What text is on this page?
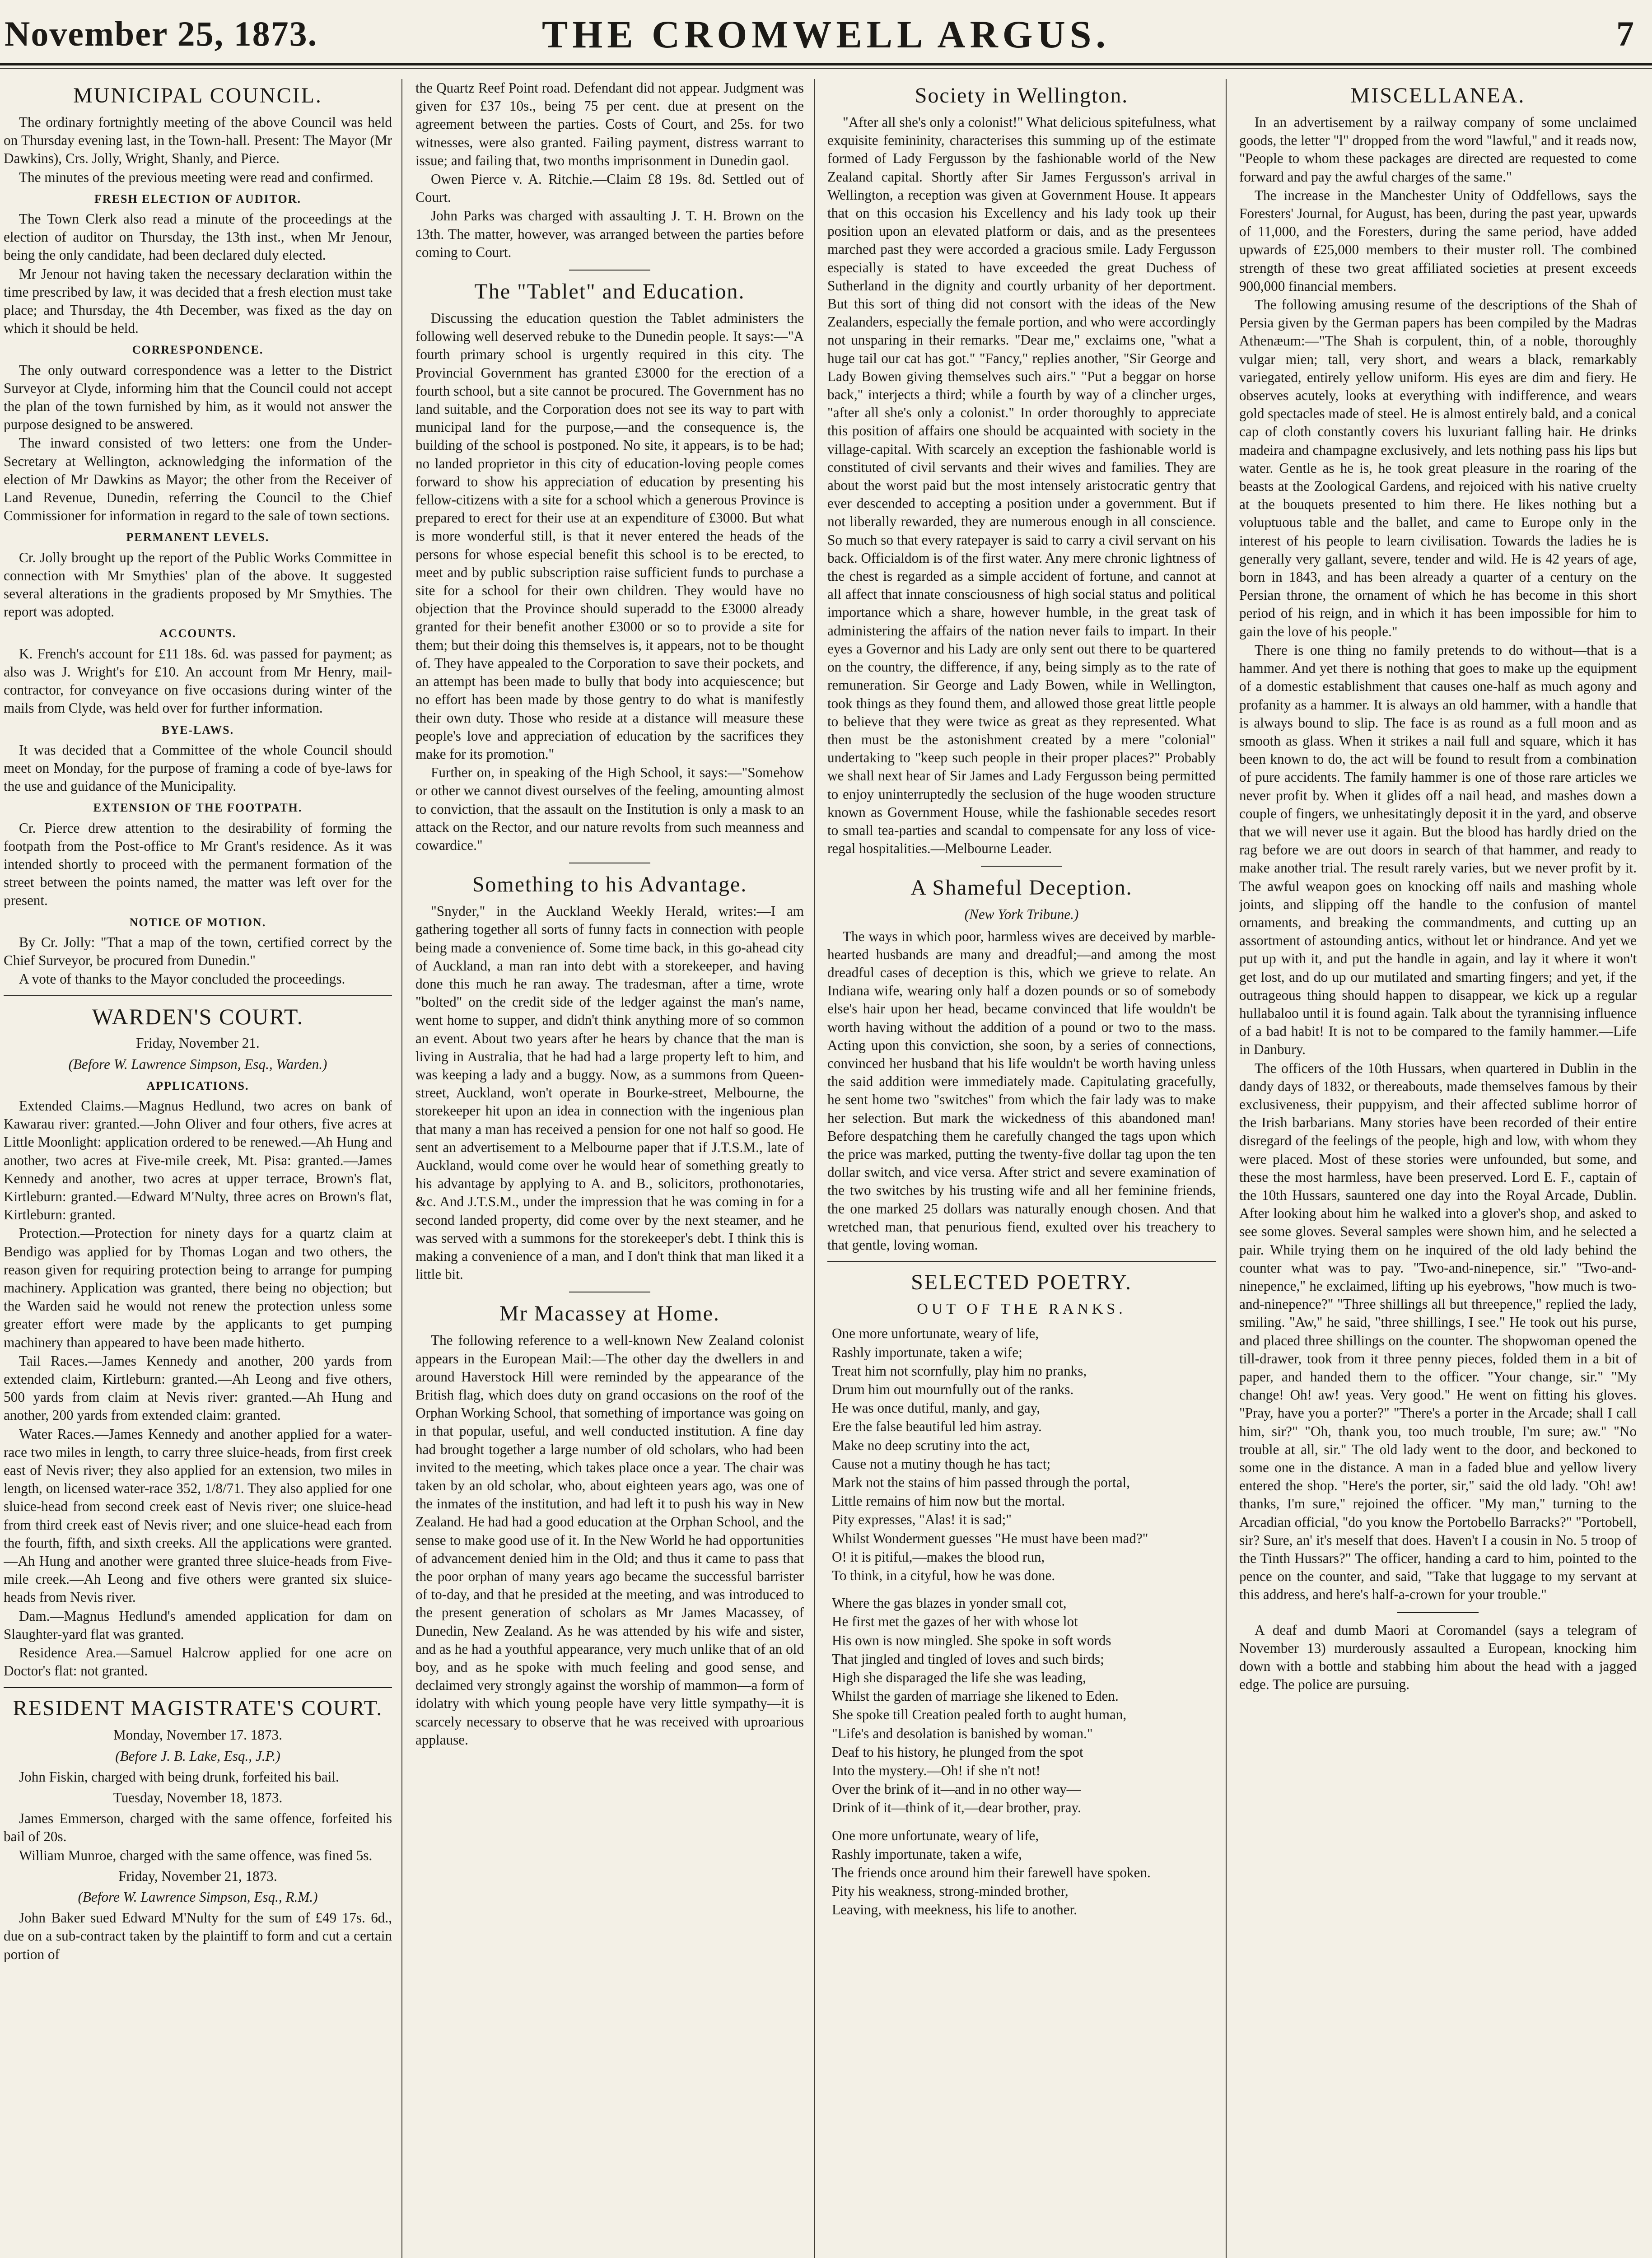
November 25, 1873.	THE CROMWELL ARGUS.	7
MUNICIPAL COUNCIL.

The ordinary fortnightly meeting of the above Council was held on Thursday evening last, in the Town-hall. Present: The Mayor (Mr Dawkins), Crs. Jolly, Wright, Shanly, and Pierce.

The minutes of the previous meeting were read and confirmed.

FRESH ELECTION OF AUDITOR.

The Town Clerk also read a minute of the proceedings at the election of auditor on Thursday, the 13th inst., when Mr Jenour, being the only candidate, had been declared duly elected.

Mr Jenour not having taken the necessary declaration within the time prescribed by law, it was decided that a fresh election must take place; and Thursday, the 4th December, was fixed as the day on which it should be held.

CORRESPONDENCE.

The only outward correspondence was a letter to the District Surveyor at Clyde, informing him that the Council could not accept the plan of the town furnished by him, as it would not answer the purpose designed to be answered.

The inward consisted of two letters: one from the Under-Secretary at Wellington, acknowledging the information of the election of Mr Dawkins as Mayor; the other from the Receiver of Land Revenue, Dunedin, referring the Council to the Chief Commissioner for information in regard to the sale of town sections.

PERMANENT LEVELS.

Cr. Jolly brought up the report of the Public Works Committee in connection with Mr Smythies' plan of the above. It suggested several alterations in the gradients proposed by Mr Smythies. The report was adopted.

ACCOUNTS.

K. French's account for £11 18s. 6d. was passed for payment; as also was J. Wright's for £10. An account from Mr Henry, mail-contractor, for conveyance on five occasions during winter of the mails from Clyde, was held over for further information.

BYE-LAWS.

It was decided that a Committee of the whole Council should meet on Monday, for the purpose of framing a code of bye-laws for the use and guidance of the Municipality.

EXTENSION OF THE FOOTPATH.

Cr. Pierce drew attention to the desirability of forming the footpath from the Post-office to Mr Grant's residence. As it was intended shortly to proceed with the permanent formation of the street between the points named, the matter was left over for the present.

NOTICE OF MOTION.

By Cr. Jolly: "That a map of the town, certified correct by the Chief Surveyor, be procured from Dunedin."

A vote of thanks to the Mayor concluded the proceedings.

WARDEN'S COURT.
Friday, November 21.
(Before W. Lawrence Simpson, Esq., Warden.)
APPLICATIONS.

Extended Claims.—Magnus Hedlund, two acres on bank of Kawarau river: granted.—John Oliver and four others, five acres at Little Moonlight: application ordered to be renewed.—Ah Hung and another, two acres at Five-mile creek, Mt. Pisa: granted.—James Kennedy and another, two acres at upper terrace, Brown's flat, Kirtleburn: granted.—Edward M'Nulty, three acres on Brown's flat, Kirtleburn: granted.

Protection.—Protection for ninety days for a quartz claim at Bendigo was applied for by Thomas Logan and two others, the reason given for requiring protection being to arrange for pumping machinery. Application was granted, there being no objection; but the Warden said he would not renew the protection unless some greater effort were made by the applicants to get pumping machinery than appeared to have been made hitherto.

Tail Races.—James Kennedy and another, 200 yards from extended claim, Kirtleburn: granted.—Ah Leong and five others, 500 yards from claim at Nevis river: granted.—Ah Hung and another, 200 yards from extended claim: granted.

Water Races.—James Kennedy and another applied for a water-race two miles in length, to carry three sluice-heads, from first creek east of Nevis river; they also applied for an extension, two miles in length, on licensed water-race 352, 1/8/71. They also applied for one sluice-head from second creek east of Nevis river; one sluice-head from third creek east of Nevis river; and one sluice-head each from the fourth, fifth, and sixth creeks. All the applications were granted.—Ah Hung and another were granted three sluice-heads from Five-mile creek.—Ah Leong and five others were granted six sluice-heads from Nevis river.

Dam.—Magnus Hedlund's amended application for dam on Slaughter-yard flat was granted.

Residence Area.—Samuel Halcrow applied for one acre on Doctor's flat: not granted.

RESIDENT MAGISTRATE'S COURT.
Monday, November 17. 1873.
(Before J. B. Lake, Esq., J.P.)

John Fiskin, charged with being drunk, forfeited his bail.

Tuesday, November 18, 1873.

James Emmerson, charged with the same offence, forfeited his bail of 20s.

William Munroe, charged with the same offence, was fined 5s.

Friday, November 21, 1873.
(Before W. Lawrence Simpson, Esq., R.M.)

John Baker sued Edward M'Nulty for the sum of £49 17s. 6d., due on a sub-contract taken by the plaintiff to form and cut a certain portion of

the Quartz Reef Point road. Defendant did not appear. Judgment was given for £37 10s., being 75 per cent. due at present on the agreement between the parties. Costs of Court, and 25s. for two witnesses, were also granted. Failing payment, distress warrant to issue; and failing that, two months imprisonment in Dunedin gaol.

Owen Pierce v. A. Ritchie.—Claim £8 19s. 8d. Settled out of Court.

John Parks was charged with assaulting J. T. H. Brown on the 13th. The matter, however, was arranged between the parties before coming to Court.

The "Tablet" and Education.

Discussing the education question the Tablet administers the following well deserved rebuke to the Dunedin people. It says:—"A fourth primary school is urgently required in this city. The Provincial Government has granted £3000 for the erection of a fourth school, but a site cannot be procured. The Government has no land suitable, and the Corporation does not see its way to part with municipal land for the purpose,—and the consequence is, the building of the school is postponed. No site, it appears, is to be had; no landed proprietor in this city of education-loving people comes forward to show his appreciation of education by presenting his fellow-citizens with a site for a school which a generous Province is prepared to erect for their use at an expenditure of £3000. But what is more wonderful still, is that it never entered the heads of the persons for whose especial benefit this school is to be erected, to meet and by public subscription raise sufficient funds to purchase a site for a school for their own children. They would have no objection that the Province should superadd to the £3000 already granted for their benefit another £3000 or so to provide a site for them; but their doing this themselves is, it appears, not to be thought of. They have appealed to the Corporation to save their pockets, and an attempt has been made to bully that body into acquiescence; but no effort has been made by those gentry to do what is manifestly their own duty. Those who reside at a distance will measure these people's love and appreciation of education by the sacrifices they make for its promotion."

Further on, in speaking of the High School, it says:—"Somehow or other we cannot divest ourselves of the feeling, amounting almost to conviction, that the assault on the Institution is only a mask to an attack on the Rector, and our nature revolts from such meanness and cowardice."

Something to his Advantage.

"Snyder," in the Auckland Weekly Herald, writes:—I am gathering together all sorts of funny facts in connection with people being made a convenience of. Some time back, in this go-ahead city of Auckland, a man ran into debt with a storekeeper, and having done this much he ran away. The tradesman, after a time, wrote "bolted" on the credit side of the ledger against the man's name, went home to supper, and didn't think anything more of so common an event. About two years after he hears by chance that the man is living in Australia, that he had had a large property left to him, and was keeping a lady and a buggy. Now, as a summons from Queen-street, Auckland, won't operate in Bourke-street, Melbourne, the storekeeper hit upon an idea in connection with the ingenious plan that many a man has received a pension for one not half so good. He sent an advertisement to a Melbourne paper that if J.T.S.M., late of Auckland, would come over he would hear of something greatly to his advantage by applying to A. and B., solicitors, prothonotaries, &c. And J.T.S.M., under the impression that he was coming in for a second landed property, did come over by the next steamer, and he was served with a summons for the storekeeper's debt. I think this is making a convenience of a man, and I don't think that man liked it a little bit.

Mr Macassey at Home.

The following reference to a well-known New Zealand colonist appears in the European Mail:—The other day the dwellers in and around Haverstock Hill were reminded by the appearance of the British flag, which does duty on grand occasions on the roof of the Orphan Working School, that something of importance was going on in that popular, useful, and well conducted institution. A fine day had brought together a large number of old scholars, who had been invited to the meeting, which takes place once a year. The chair was taken by an old scholar, who, about eighteen years ago, was one of the inmates of the institution, and had left it to push his way in New Zealand. He had had a good education at the Orphan School, and the sense to make good use of it. In the New World he had opportunities of advancement denied him in the Old; and thus it came to pass that the poor orphan of many years ago became the successful barrister of to-day, and that he presided at the meeting, and was introduced to the present generation of scholars as Mr James Macassey, of Dunedin, New Zealand. As he was attended by his wife and sister, and as he had a youthful appearance, very much unlike that of an old boy, and as he spoke with much feeling and good sense, and declaimed very strongly against the worship of mammon—a form of idolatry with which young people have very little sympathy—it is scarcely necessary to observe that he was received with uproarious applause.

Society in Wellington.

"After all she's only a colonist!" What delicious spitefulness, what exquisite femininity, characterises this summing up of the estimate formed of Lady Fergusson by the fashionable world of the New Zealand capital. Shortly after Sir James Fergusson's arrival in Wellington, a reception was given at Government House. It appears that on this occasion his Excellency and his lady took up their position upon an elevated platform or dais, and as the presentees marched past they were accorded a gracious smile. Lady Fergusson especially is stated to have exceeded the great Duchess of Sutherland in the dignity and courtly urbanity of her deportment. But this sort of thing did not consort with the ideas of the New Zealanders, especially the female portion, and who were accordingly not unsparing in their remarks. "Dear me," exclaims one, "what a huge tail our cat has got." "Fancy," replies another, "Sir George and Lady Bowen giving themselves such airs." "Put a beggar on horse back," interjects a third; while a fourth by way of a clincher urges, "after all she's only a colonist." In order thoroughly to appreciate this position of affairs one should be acquainted with society in the village-capital. With scarcely an exception the fashionable world is constituted of civil servants and their wives and families. They are about the worst paid but the most intensely aristocratic gentry that ever descended to accepting a position under a government. But if not liberally rewarded, they are numerous enough in all conscience. So much so that every ratepayer is said to carry a civil servant on his back. Officialdom is of the first water. Any mere chronic lightness of the chest is regarded as a simple accident of fortune, and cannot at all affect that innate consciousness of high social status and political importance which a share, however humble, in the great task of administering the affairs of the nation never fails to impart. In their eyes a Governor and his Lady are only sent out there to be quartered on the country, the difference, if any, being simply as to the rate of remuneration. Sir George and Lady Bowen, while in Wellington, took things as they found them, and allowed those great little people to believe that they were twice as great as they represented. What then must be the astonishment created by a mere "colonial" undertaking to "keep such people in their proper places?" Probably we shall next hear of Sir James and Lady Fergusson being permitted to enjoy uninterruptedly the seclusion of the huge wooden structure known as Government House, while the fashionable secedes resort to small tea-parties and scandal to compensate for any loss of vice-regal hospitalities.—Melbourne Leader.

A Shameful Deception.
(New York Tribune.)

The ways in which poor, harmless wives are deceived by marble-hearted husbands are many and dreadful;—and among the most dreadful cases of deception is this, which we grieve to relate. An Indiana wife, wearing only half a dozen pounds or so of somebody else's hair upon her head, became convinced that life wouldn't be worth having without the addition of a pound or two to the mass. Acting upon this conviction, she soon, by a series of connections, convinced her husband that his life wouldn't be worth having unless the said addition were immediately made. Capitulating gracefully, he sent home two "switches" from which the fair lady was to make her selection. But mark the wickedness of this abandoned man! Before despatching them he carefully changed the tags upon which the price was marked, putting the twenty-five dollar tag upon the ten dollar switch, and vice versa. After strict and severe examination of the two switches by his trusting wife and all her feminine friends, the one marked 25 dollars was naturally enough chosen. And that wretched man, that penurious fiend, exulted over his treachery to that gentle, loving woman.

SELECTED POETRY.
OUT OF THE RANKS.

One more unfortunate, weary of life,

Rashly importunate, taken a wife;

Treat him not scornfully, play him no pranks,

Drum him out mournfully out of the ranks.

He was once dutiful, manly, and gay,

Ere the false beautiful led him astray.

Make no deep scrutiny into the act,

Cause not a mutiny though he has tact;

Mark not the stains of him passed through the portal,

Little remains of him now but the mortal.

Pity expresses, "Alas! it is sad;"

Whilst Wonderment guesses "He must have been mad?"

O! it is pitiful,—makes the blood run,

To think, in a cityful, how he was done.

Where the gas blazes in yonder small cot,

He first met the gazes of her with whose lot

His own is now mingled. She spoke in soft words

That jingled and tingled of loves and such birds;

High she disparaged the life she was leading,

Whilst the garden of marriage she likened to Eden.

She spoke till Creation pealed forth to aught human,

"Life's and desolation is banished by woman."

Deaf to his history, he plunged from the spot

Into the mystery.—Oh! if she n't not!

Over the brink of it—and in no other way—

Drink of it—think of it,—dear brother, pray.

One more unfortunate, weary of life,

Rashly importunate, taken a wife,

The friends once around him their farewell have spoken.

Pity his weakness, strong-minded brother,

Leaving, with meekness, his life to another.

MISCELLANEA.

In an advertisement by a railway company of some unclaimed goods, the letter "l" dropped from the word "lawful," and it reads now, "People to whom these packages are directed are requested to come forward and pay the awful charges of the same."

The increase in the Manchester Unity of Oddfellows, says the Foresters' Journal, for August, has been, during the past year, upwards of 11,000, and the Foresters, during the same period, have added upwards of £25,000 members to their muster roll. The combined strength of these two great affiliated societies at present exceeds 900,000 financial members.

The following amusing resume of the descriptions of the Shah of Persia given by the German papers has been compiled by the Madras Athenæum:—"The Shah is corpulent, thin, of a noble, thoroughly vulgar mien; tall, very short, and wears a black, remarkably variegated, entirely yellow uniform. His eyes are dim and fiery. He observes acutely, looks at everything with indifference, and wears gold spectacles made of steel. He is almost entirely bald, and a conical cap of cloth constantly covers his luxuriant falling hair. He drinks madeira and champagne exclusively, and lets nothing pass his lips but water. Gentle as he is, he took great pleasure in the roaring of the beasts at the Zoological Gardens, and rejoiced with his native cruelty at the bouquets presented to him there. He likes nothing but a voluptuous table and the ballet, and came to Europe only in the interest of his people to learn civilisation. Towards the ladies he is generally very gallant, severe, tender and wild. He is 42 years of age, born in 1843, and has been already a quarter of a century on the Persian throne, the ornament of which he has become in this short period of his reign, and in which it has been impossible for him to gain the love of his people."

There is one thing no family pretends to do without—that is a hammer. And yet there is nothing that goes to make up the equipment of a domestic establishment that causes one-half as much agony and profanity as a hammer. It is always an old hammer, with a handle that is always bound to slip. The face is as round as a full moon and as smooth as glass. When it strikes a nail full and square, which it has been known to do, the act will be found to result from a combination of pure accidents. The family hammer is one of those rare articles we never profit by. When it glides off a nail head, and mashes down a couple of fingers, we unhesitatingly deposit it in the yard, and observe that we will never use it again. But the blood has hardly dried on the rag before we are out doors in search of that hammer, and ready to make another trial. The result rarely varies, but we never profit by it. The awful weapon goes on knocking off nails and mashing whole joints, and slipping off the handle to the confusion of mantel ornaments, and breaking the commandments, and cutting up an assortment of astounding antics, without let or hindrance. And yet we put up with it, and put the handle in again, and lay it where it won't get lost, and do up our mutilated and smarting fingers; and yet, if the outrageous thing should happen to disappear, we kick up a regular hullabaloo until it is found again. Talk about the tyrannising influence of a bad habit! It is not to be compared to the family hammer.—Life in Danbury.

The officers of the 10th Hussars, when quartered in Dublin in the dandy days of 1832, or thereabouts, made themselves famous by their exclusiveness, their puppyism, and their affected sublime horror of the Irish barbarians. Many stories have been recorded of their entire disregard of the feelings of the people, high and low, with whom they were placed. Most of these stories were unfounded, but some, and these the most harmless, have been preserved. Lord E. F., captain of the 10th Hussars, sauntered one day into the Royal Arcade, Dublin. After looking about him he walked into a glover's shop, and asked to see some gloves. Several samples were shown him, and he selected a pair. While trying them on he inquired of the old lady behind the counter what was to pay. "Two-and-ninepence, sir." "Two-and-ninepence," he exclaimed, lifting up his eyebrows, "how much is two-and-ninepence?" "Three shillings all but threepence," replied the lady, smiling. "Aw," he said, "three shillings, I see." He took out his purse, and placed three shillings on the counter. The shopwoman opened the till-drawer, took from it three penny pieces, folded them in a bit of paper, and handed them to the officer. "Your change, sir." "My change! Oh! aw! yeas. Very good." He went on fitting his gloves. "Pray, have you a porter?" "There's a porter in the Arcade; shall I call him, sir?" "Oh, thank you, too much trouble, I'm sure; aw." "No trouble at all, sir." The old lady went to the door, and beckoned to some one in the distance. A man in a faded blue and yellow livery entered the shop. "Here's the porter, sir," said the old lady. "Oh! aw! thanks, I'm sure," rejoined the officer. "My man," turning to the Arcadian official, "do you know the Portobello Barracks?" "Portobell, sir? Sure, an' it's meself that does. Haven't I a cousin in No. 5 troop of the Tinth Hussars?" The officer, handing a card to him, pointed to the pence on the counter, and said, "Take that luggage to my servant at this address, and here's half-a-crown for your trouble."

A deaf and dumb Maori at Coromandel (says a telegram of November 13) murderously assaulted a European, knocking him down with a bottle and stabbing him about the head with a jagged edge. The police are pursuing.
